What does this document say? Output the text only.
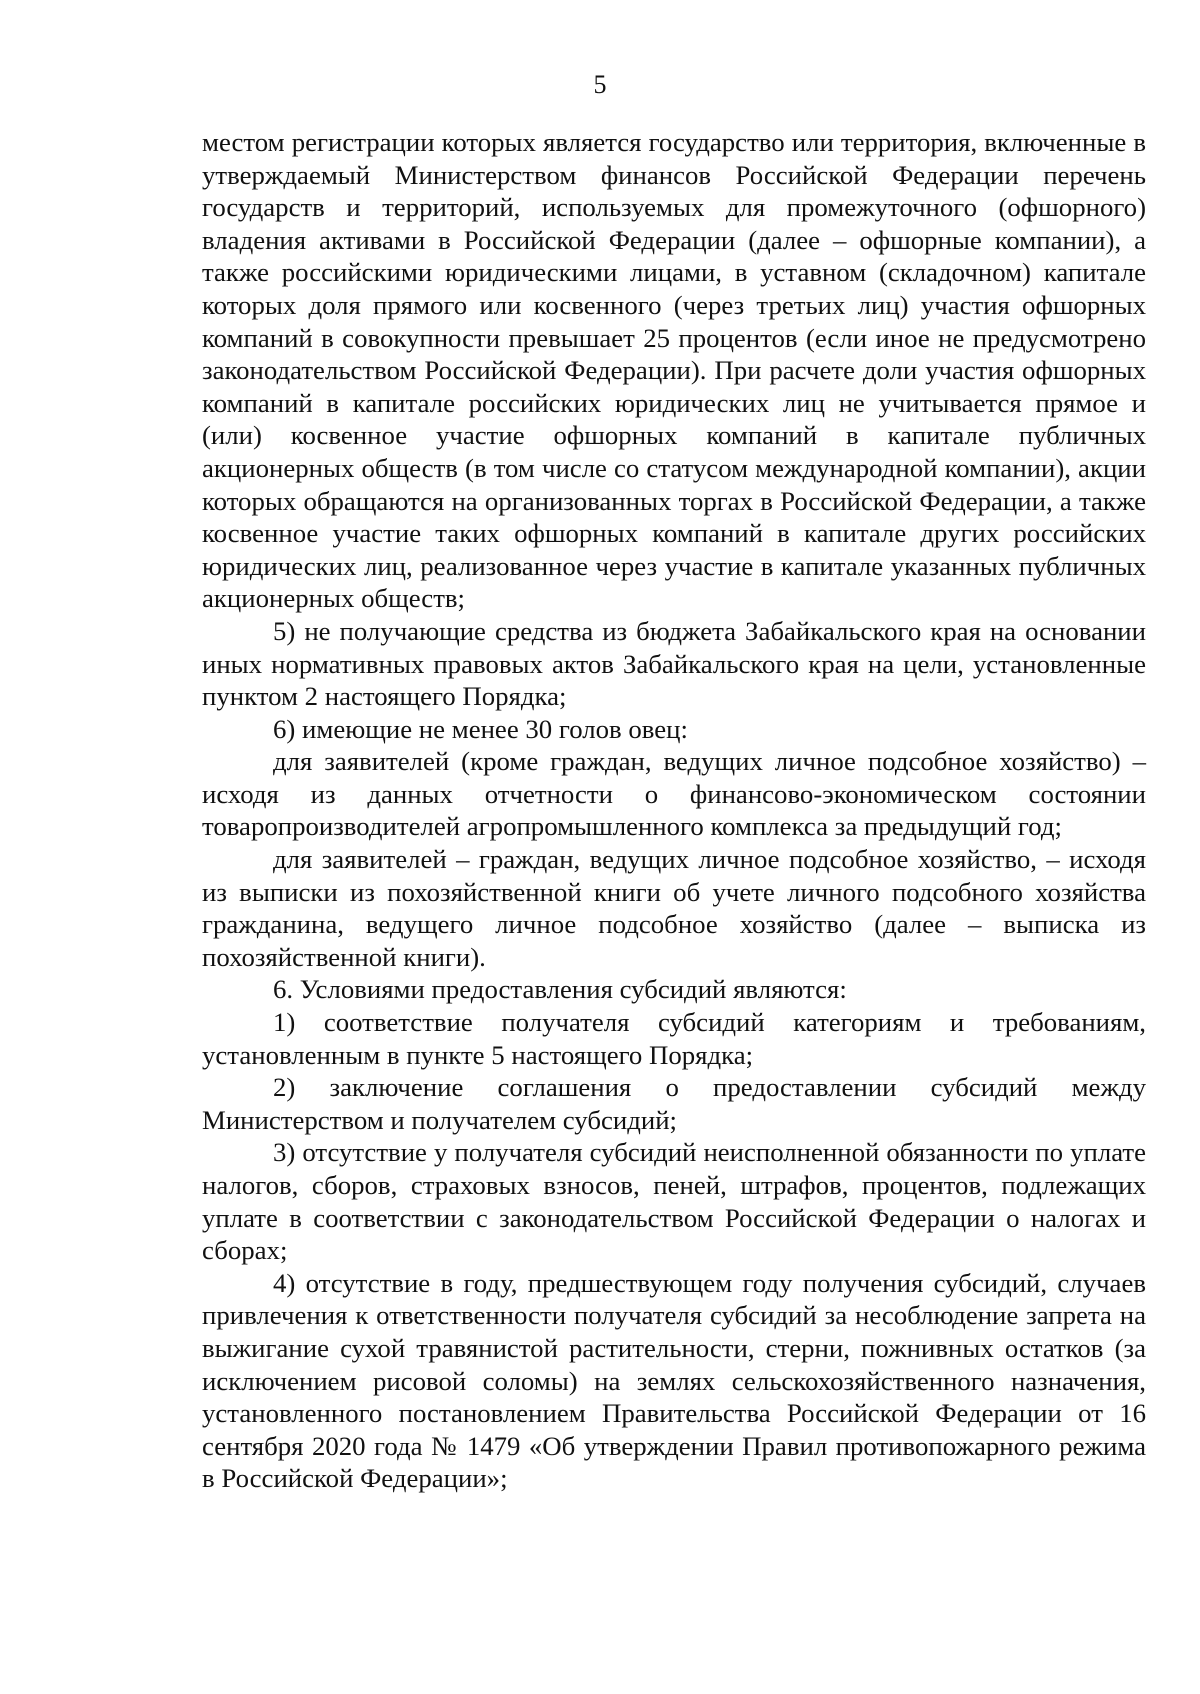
5

местом регистрации которых является государство или территория, включенные в утверждаемый Министерством финансов Российской Федерации перечень государств и территорий, используемых для промежуточного (офшорного) владения активами в Российской Федерации (далее – офшорные компании), а также российскими юридическими лицами, в уставном (складочном) капитале которых доля прямого или косвенного (через третьих лиц) участия офшорных компаний в совокупности превышает 25 процентов (если иное не предусмотрено законодательством Российской Федерации). При расчете доли участия офшорных компаний в капитале российских юридических лиц не учитывается прямое и (или) косвенное участие офшорных компаний в капитале публичных акционерных обществ (в том числе со статусом международной компании), акции которых обращаются на организованных торгах в Российской Федерации, а также косвенное участие таких офшорных компаний в капитале других российских юридических лиц, реализованное через участие в капитале указанных публичных акционерных обществ;

5) не получающие средства из бюджета Забайкальского края на основании иных нормативных правовых актов Забайкальского края на цели, установленные пунктом 2 настоящего Порядка;

6) имеющие не менее 30 голов овец:

для заявителей (кроме граждан, ведущих личное подсобное хозяйство) – исходя из данных отчетности о финансово-экономическом состоянии товаропроизводителей агропромышленного комплекса за предыдущий год;

для заявителей – граждан, ведущих личное подсобное хозяйство, – исходя из выписки из похозяйственной книги об учете личного подсобного хозяйства гражданина, ведущего личное подсобное хозяйство (далее – выписка из похозяйственной книги).

6. Условиями предоставления субсидий являются:

1) соответствие получателя субсидий категориям и требованиям, установленным в пункте 5 настоящего Порядка;

2) заключение соглашения о предоставлении субсидий между Министерством и получателем субсидий;

3) отсутствие у получателя субсидий неисполненной обязанности по уплате налогов, сборов, страховых взносов, пеней, штрафов, процентов, подлежащих уплате в соответствии с законодательством Российской Федерации о налогах и сборах;

4) отсутствие в году, предшествующем году получения субсидий, случаев привлечения к ответственности получателя субсидий за несоблюдение запрета на выжигание сухой травянистой растительности, стерни, пожнивных остатков (за исключением рисовой соломы) на землях сельскохозяйственного назначения, установленного постановлением Правительства Российской Федерации от 16 сентября 2020 года № 1479 «Об утверждении Правил противопожарного режима в Российской Федерации»;
